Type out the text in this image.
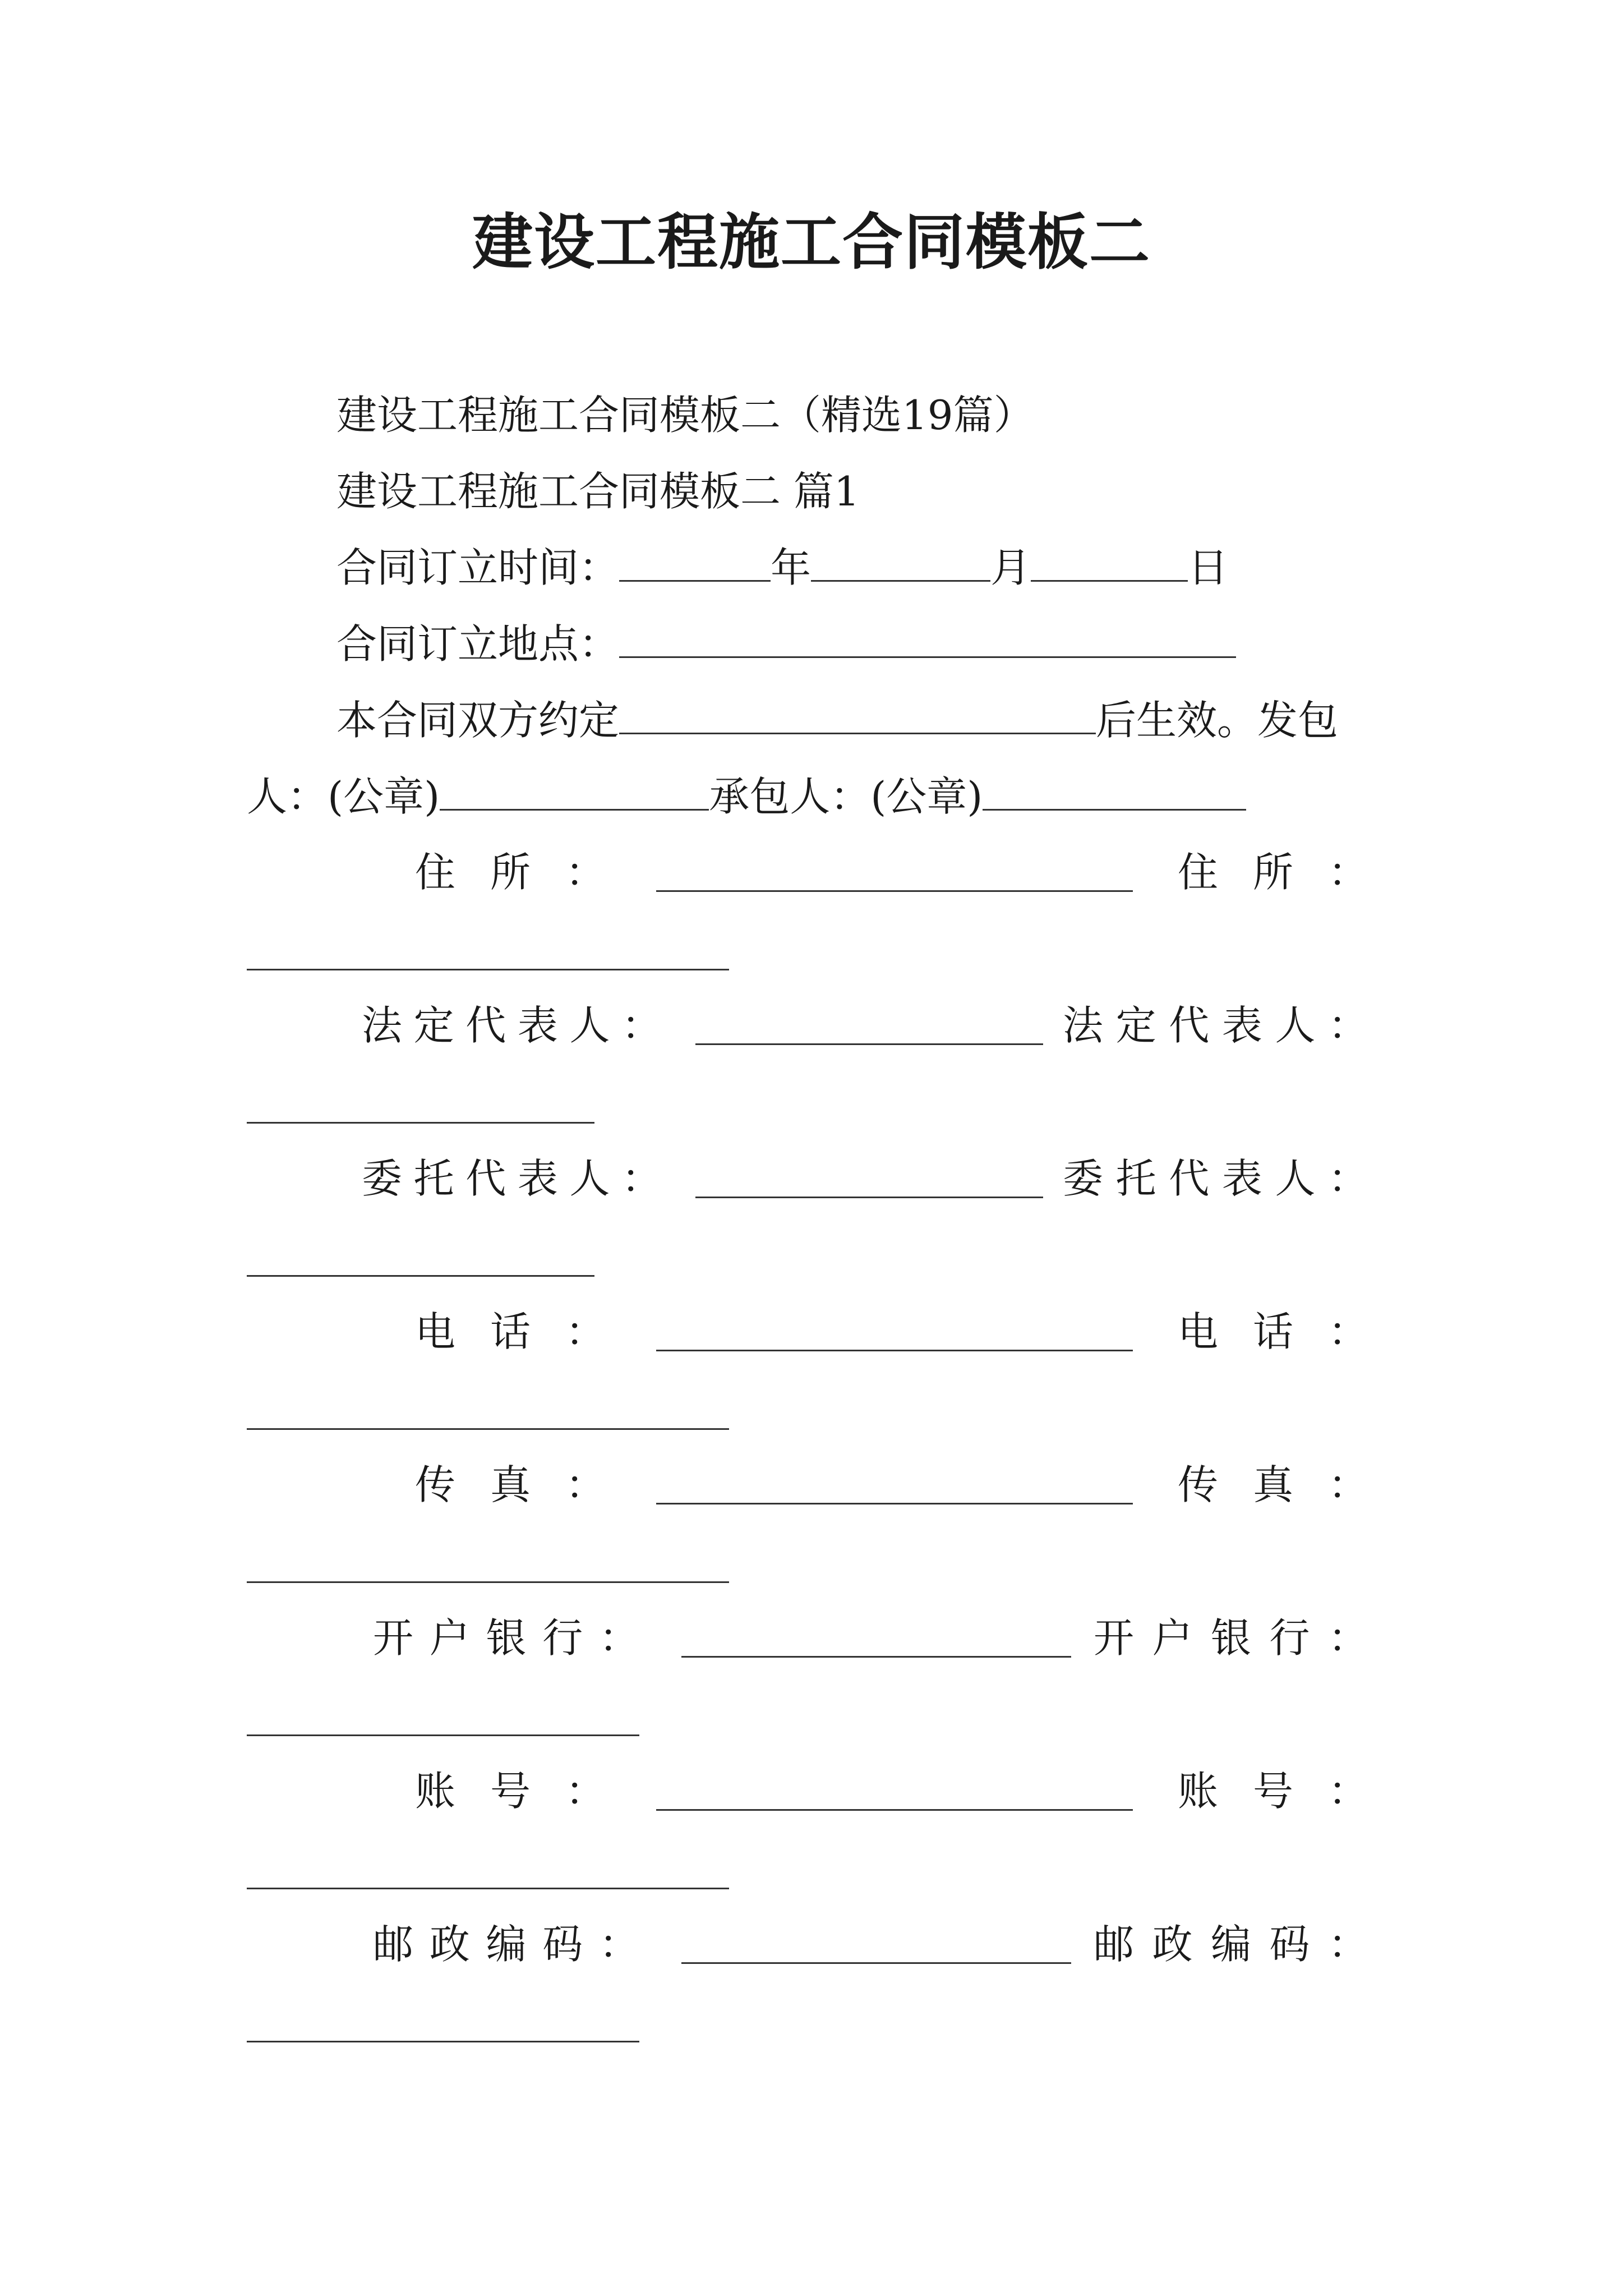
建设工程施工合同模板二
建设工程施工合同模板二（精选19篇）
建设工程施工合同模板二 篇1
合同订立时间：	年	月	日
合同订立地点：
本合同双方约定	后生效。发包
人：(公章)	承包人：(公章)
住 所 ：	住 所 ：
法 定 代 表 人 ：	法 定 代 表 人 ：
委 托 代 表 人 ：	委 托 代 表 人 ：
电 话 ：	电 话 ：
传 真 ：	传 真 ：
开 户 银 行 ：	开 户 银 行 ：
账 号 ：	账 号 ：
邮 政 编 码 ：	邮 政 编 码 ：
